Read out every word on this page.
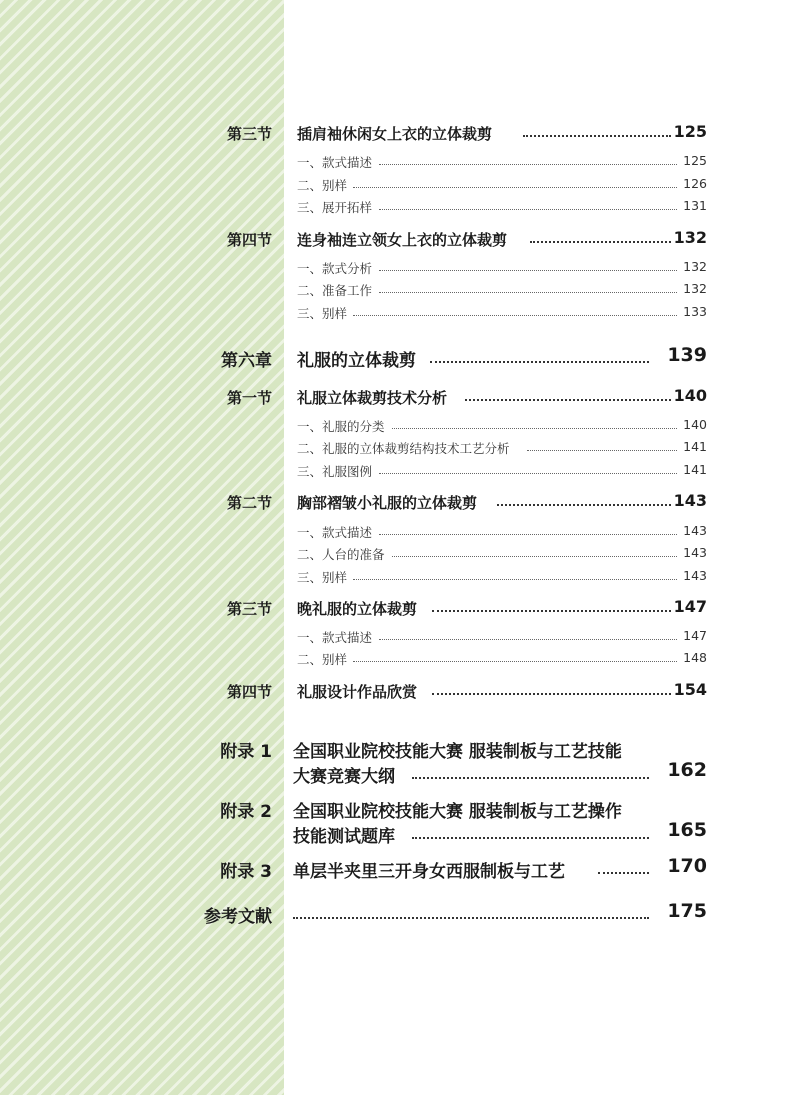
第三节 插肩袖休闲女上衣的立体裁剪	125
一、款式描述	125
二、别样	126
三、展开拓样	131
第四节 连身袖连立领女上衣的立体裁剪	132
一、款式分析	132
二、准备工作	132
三、别样	133
第六章 礼服的立体裁剪	139
第一节 礼服立体裁剪技术分析	140
一、礼服的分类	140
二、礼服的立体裁剪结构技术工艺分析	141
三、礼服图例	141
第二节 胸部褶皱小礼服的立体裁剪	143
一、款式描述	143
二、人台的准备	143
三、别样	143
第三节 晚礼服的立体裁剪	147
一、款式描述	147
二、别样	148
第四节 礼服设计作品欣赏	154
附录 1 全国职业院校技能大赛 服装制板与工艺技能
大赛竞赛大纲	162
附录 2 全国职业院校技能大赛 服装制板与工艺操作
技能测试题库	165
附录 3 单层半夹里三开身女西服制板与工艺	170
参考文献	175
